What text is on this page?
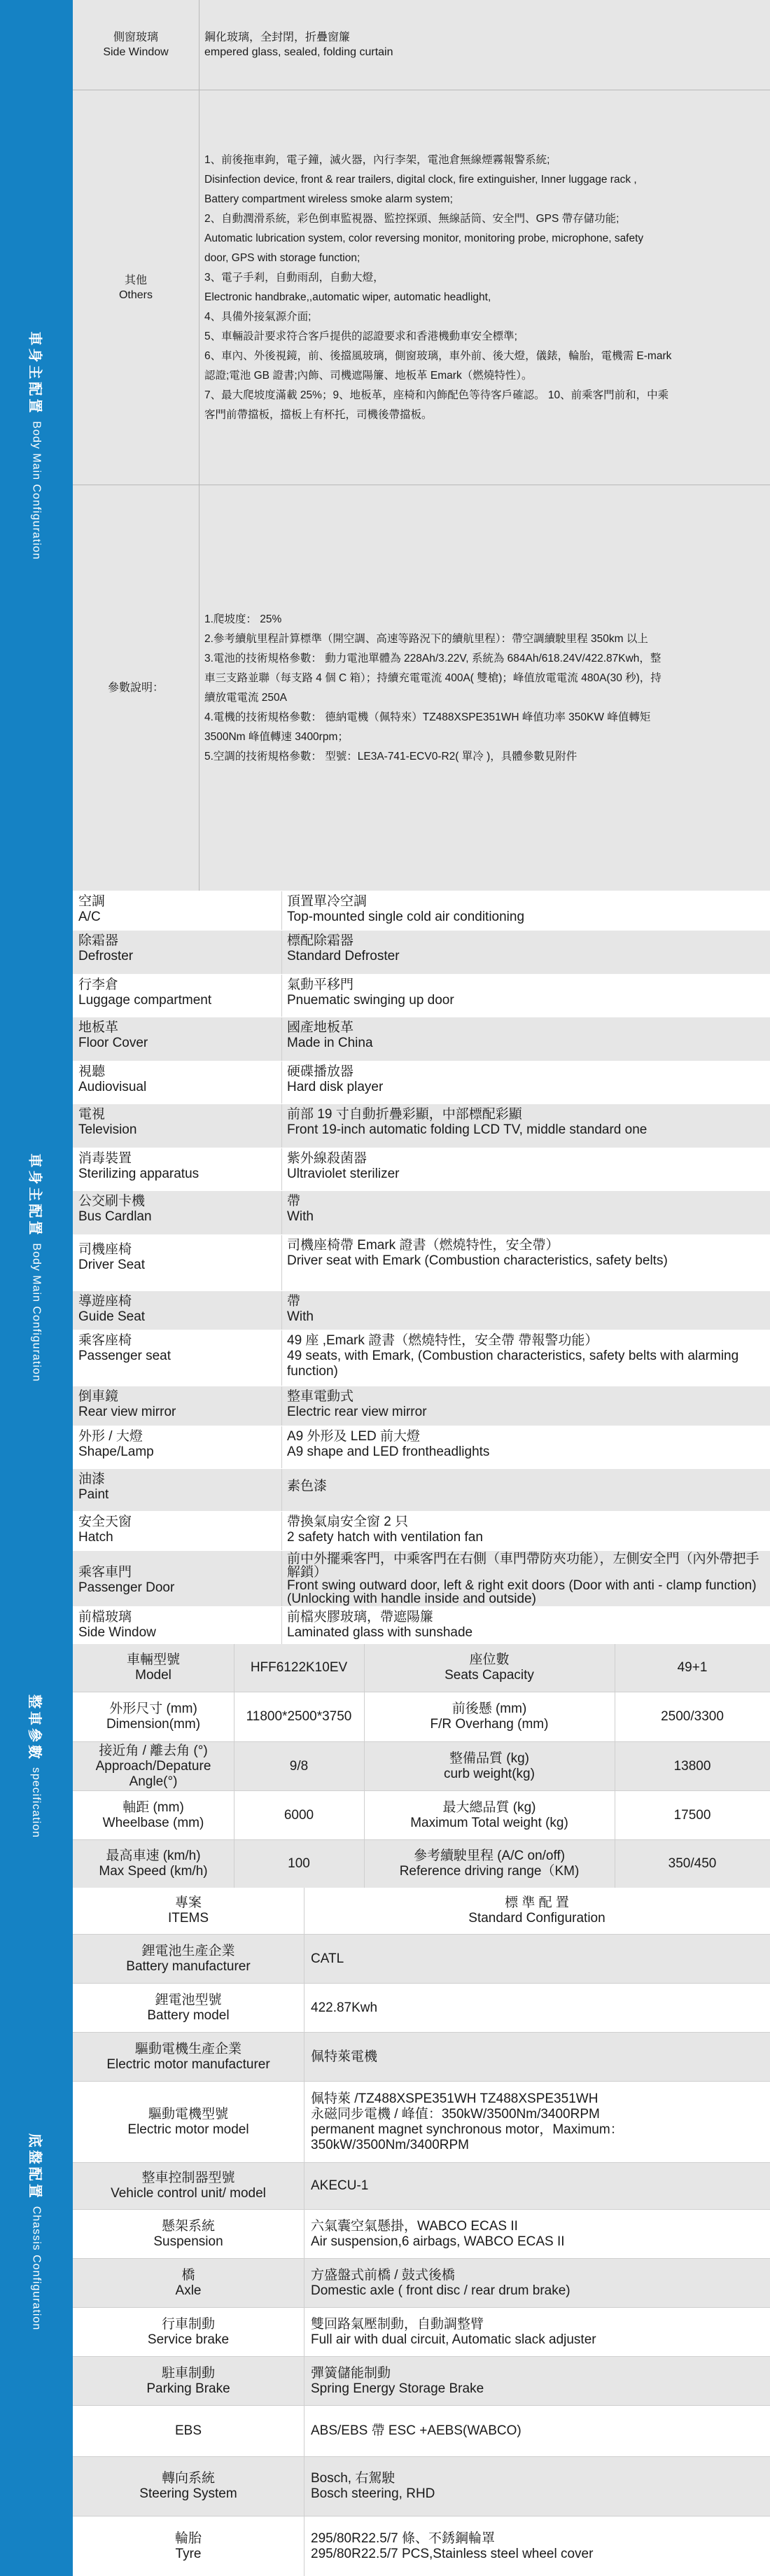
車身主配置
Body Main Configuration
側窗玻璃
Side Window
鋼化玻璃，全封閉，折疊窗簾
empered glass, sealed, folding curtain
其他
Others
1、前後拖車鉤，電子鐘，滅火器，內行李架，電池倉無線煙霧報警系統;
Disinfection device, front & rear trailers, digital clock, fire extinguisher, Inner luggage rack ,
Battery compartment wireless smoke alarm system;
2、自動潤滑系統，彩色倒車監視器、監控探頭、無線話筒、安全門、GPS 帶存儲功能;
Automatic lubrication system, color reversing monitor, monitoring probe, microphone, safety
door, GPS with storage function;
3、電子手剎，自動雨刮，自動大燈，
Electronic handbrake,,automatic wiper, automatic headlight,
4、具備外接氣源介面;
5、車輛設計要求符合客戶提供的認證要求和香港機動車安全標準;
6、車內、外後視鏡，前、後擋風玻璃，側窗玻璃，車外前、後大燈，儀錶，輪胎，電機需 E-mark
認證;電池 GB 證書;內飾、司機遮陽簾、地板革 Emark（燃燒特性）。
7、最大爬坡度滿載 25%；9、地板革，座椅和內飾配色等待客戶確認。 10、前乘客門前和，中乘
客門前帶擋板，擋板上有杯托，司機後帶擋板。
參數說明：
1.爬坡度： 25%
2.參考續航里程計算標準（開空調、高速等路況下的續航里程）：帶空調續駛里程 350km 以上
3.電池的技術規格參數： 動力電池單體為 228Ah/3.22V, 系統為 684Ah/618.24V/422.87Kwh，整
車三支路並聯（每支路 4 個 C 箱）；持續充電電流 400A( 雙槍)；峰值放電電流 480A(30 秒)，持
續放電電流 250A
4.電機的技術規格參數： 德納電機（佩特來）TZ488XSPE351WH 峰值功率 350KW 峰值轉矩
3500Nm 峰值轉速 3400rpm；
5.空調的技術規格參數： 型號：LE3A-741-ECV0-R2( 單冷 )，具體參數見附件
車身主配置
Body Main Configuration
空調
A/C
頂置單冷空調
Top-mounted single cold air conditioning
除霜器
Defroster
標配除霜器
Standard Defroster
行李倉
Luggage compartment
氣動平移門
Pnuematic swinging up door
地板革
Floor Cover
國產地板革
Made in China
視聽
Audiovisual
硬碟播放器
Hard disk player
電視
Television
前部 19 寸自動折疊彩顯，中部標配彩顯
Front 19-inch automatic folding LCD TV, middle standard one
消毒裝置
Sterilizing apparatus
紫外線殺菌器
Ultraviolet sterilizer
公交刷卡機
Bus Cardlan
帶
With
司機座椅
Driver Seat
司機座椅帶 Emark 證書（燃燒特性，安全帶）
Driver seat with Emark (Combustion characteristics, safety belts)
導遊座椅
Guide Seat
帶
With
乘客座椅
Passenger seat
49 座 ,Emark 證書（燃燒特性，安全帶 帶報警功能）
49 seats, with Emark, (Combustion characteristics, safety belts with alarming function)
倒車鏡
Rear view mirror
整車電動式
Electric rear view mirror
外形 / 大燈
Shape/Lamp
A9 外形及 LED 前大燈
A9 shape and LED frontheadlights
油漆
Paint
素色漆
安全天窗
Hatch
帶換氣扇安全窗 2 只
2 safety hatch with ventilation fan
乘客車門
Passenger Door
前中外擺乘客門，中乘客門在右側（車門帶防夾功能），左側安全門（內外帶把手解鎖）
Front swing outward door, left & right exit doors (Door with anti - clamp function) (Unlocking with handle inside and outside)
前檔玻璃
Side Window
前檔夾膠玻璃，帶遮陽簾
Laminated glass with sunshade
整車參數
specification
車輛型號
Model
HFF6122K10EV
座位數
Seats Capacity
49+1
外形尺寸 (mm)
Dimension(mm)
11800*2500*3750
前後懸 (mm)
F/R Overhang (mm)
2500/3300
接近角 / 離去角 (°)
Approach/Depature Angle(°)
9/8
整備品質 (kg)
curb weight(kg)
13800
軸距 (mm)
Wheelbase (mm)
6000
最大總品質 (kg)
Maximum Total weight (kg)
17500
最高車速 (km/h)
Max Speed (km/h)
100
參考續駛里程 (A/C on/off)
Reference driving range（KM)
350/450
底盤配置
Chassis Configuration
專案
ITEMS
標 準 配 置
Standard Configuration
鋰電池生產企業
Battery manufacturer
CATL
鋰電池型號
Battery model
422.87Kwh
驅動電機生產企業
Electric motor manufacturer
佩特萊電機
驅動電機型號
Electric motor model
佩特萊 /TZ488XSPE351WH TZ488XSPE351WH
永磁同步電機 / 峰值：350kW/3500Nm/3400RPM
permanent magnet synchronous motor，Maximum：
350kW/3500Nm/3400RPM
整車控制器型號
Vehicle control unit/ model
AKECU-1
懸架系統
Suspension
六氣囊空氣懸掛，WABCO ECAS II
Air suspension,6 airbags, WABCO ECAS II
橋
Axle
方盛盤式前橋 / 鼓式後橋
Domestic axle ( front disc / rear drum brake)
行車制動
Service brake
雙回路氣壓制動，自動調整臂
Full air with dual circuit, Automatic slack adjuster
駐車制動
Parking Brake
彈簧儲能制動
Spring Energy Storage Brake
EBS	ABS/EBS 帶 ESC +AEBS(WABCO)
轉向系統
Steering System
Bosch, 右駕駛
Bosch steering, RHD
輪胎
Tyre
295/80R22.5/7 條、不銹鋼輪罩
295/80R22.5/7 PCS,Stainless steel wheel cover
